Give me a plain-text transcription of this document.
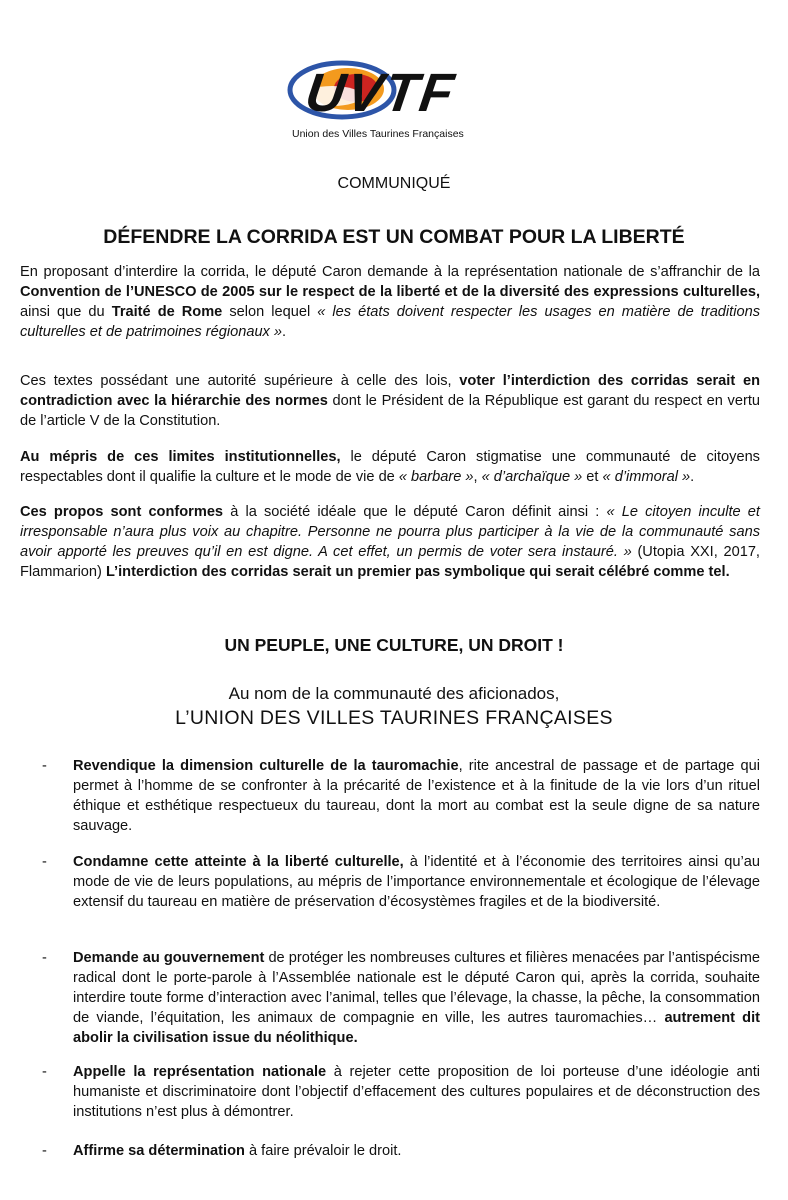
UVTF
Union des Villes Taurines Françaises
COMMUNIQUÉ
DÉFENDRE LA CORRIDA EST UN COMBAT POUR LA LIBERTÉ

En proposant d’interdire la corrida, le député Caron demande à la représentation nationale de s’affranchir de la Convention de l’UNESCO de 2005 sur le respect de la liberté et de la diversité des expressions culturelles, ainsi que du Traité de Rome selon lequel « les états doivent respecter les usages en matière de traditions culturelles et de patrimoines régionaux ».

Ces textes possédant une autorité supérieure à celle des lois, voter l’interdiction des corridas serait en contradiction avec la hiérarchie des normes dont le Président de la République est garant du respect en vertu de l’article V de la Constitution.

Au mépris de ces limites institutionnelles, le député Caron stigmatise une communauté de citoyens respectables dont il qualifie la culture et le mode de vie de « barbare », « d’archaïque » et « d’immoral ».

Ces propos sont conformes à la société idéale que le député Caron définit ainsi : « Le citoyen inculte et irresponsable n’aura plus voix au chapitre. Personne ne pourra plus participer à la vie de la communauté sans avoir apporté les preuves qu’il en est digne. A cet effet, un permis de voter sera instauré. » (Utopia XXI, 2017, Flammarion) L’interdiction des corridas serait un premier pas symbolique qui serait célébré comme tel.

UN PEUPLE, UNE CULTURE, UN DROIT !
Au nom de la communauté des aficionados,
L’UNION DES VILLES TAURINES FRANÇAISES
- Revendique la dimension culturelle de la tauromachie, rite ancestral de passage et de partage qui permet à l’homme de se confronter à la précarité de l’existence et à la finitude de la vie lors d’un rituel éthique et esthétique respectueux du taureau, dont la mort au combat est la seule digne de sa nature sauvage.
- Condamne cette atteinte à la liberté culturelle, à l’identité et à l’économie des territoires ainsi qu’au mode de vie de leurs populations, au mépris de l’importance environnementale et écologique de l’élevage extensif du taureau en matière de préservation d’écosystèmes fragiles et de la biodiversité.
- Demande au gouvernement de protéger les nombreuses cultures et filières menacées par l’antispécisme radical dont le porte-parole à l’Assemblée nationale est le député Caron qui, après la corrida, souhaite interdire toute forme d’interaction avec l’animal, telles que l’élevage, la chasse, la pêche, la consommation de viande, l’équitation, les animaux de compagnie en ville, les autres tauromachies… autrement dit abolir la civilisation issue du néolithique.
- Appelle la représentation nationale à rejeter cette proposition de loi porteuse d’une idéologie anti humaniste et discriminatoire dont l’objectif d’effacement des cultures populaires et de déconstruction des institutions n’est plus à démontrer.
- Affirme sa détermination à faire prévaloir le droit.
